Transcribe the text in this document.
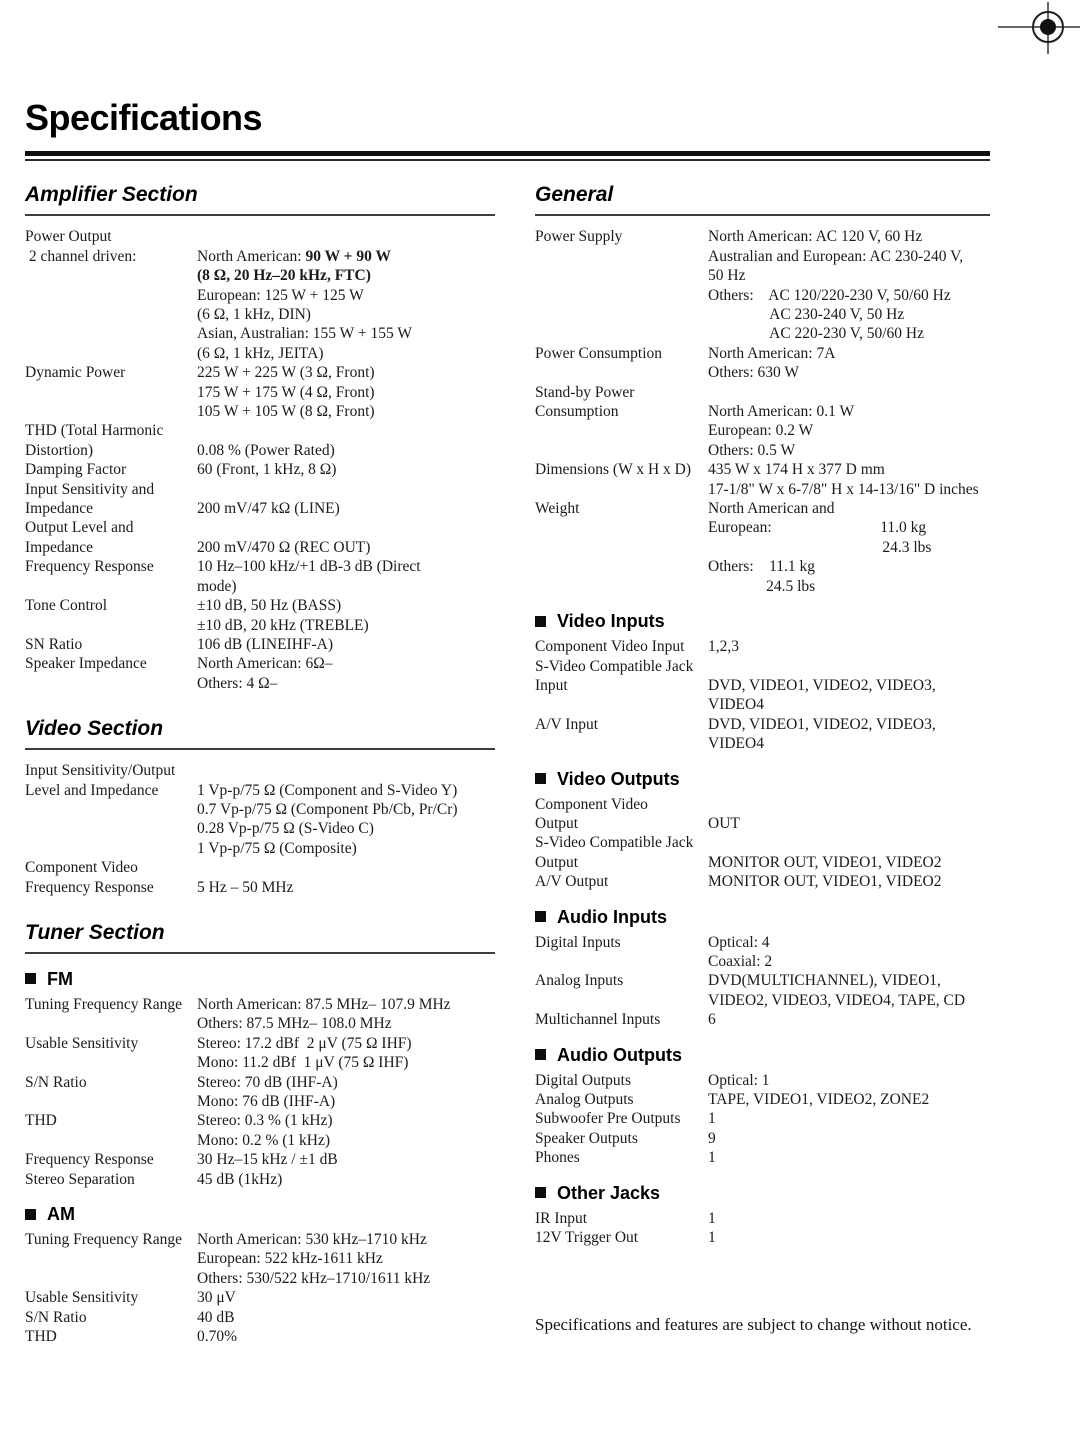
Specifications
Amplifier Section
Power Output
2 channel driven:	North American: 90 W + 90 W
(8 Ω, 20 Hz–20 kHz, FTC)
European: 125 W + 125 W
(6 Ω, 1 kHz, DIN)
Asian, Australian: 155 W + 155 W
(6 Ω, 1 kHz, JEITA)
Dynamic Power	225 W + 225 W (3 Ω, Front)
175 W + 175 W (4 Ω, Front)
105 W + 105 W (8 Ω, Front)
THD (Total Harmonic
Distortion)	0.08 % (Power Rated)
Damping Factor	60 (Front, 1 kHz, 8 Ω)
Input Sensitivity and
Impedance	200 mV/47 kΩ (LINE)
Output Level and
Impedance	200 mV/470 Ω (REC OUT)
Frequency Response	10 Hz–100 kHz/+1 dB-3 dB (Direct
mode)
Tone Control	±10 dB, 50 Hz (BASS)
±10 dB, 20 kHz (TREBLE)
SN Ratio	106 dB (LINEIHF-A)
Speaker Impedance	North American: 6Ω–
Others: 4 Ω–
Video Section
Input Sensitivity/Output
Level and Impedance	1 Vp-p/75 Ω (Component and S-Video Y)
0.7 Vp-p/75 Ω (Component Pb/Cb, Pr/Cr)
0.28 Vp-p/75 Ω (S-Video C)
1 Vp-p/75 Ω (Composite)
Component Video
Frequency Response	5 Hz – 50 MHz
Tuner Section
FM
Tuning Frequency Range North American: 87.5 MHz– 107.9 MHz
Others: 87.5 MHz– 108.0 MHz
Usable Sensitivity	Stereo: 17.2 dBf  2 μV (75 Ω IHF)
Mono: 11.2 dBf  1 μV (75 Ω IHF)
S/N Ratio	Stereo: 70 dB (IHF-A)
Mono: 76 dB (IHF-A)
THD	Stereo: 0.3 % (1 kHz)
Mono: 0.2 % (1 kHz)
Frequency Response	30 Hz–15 kHz / ±1 dB
Stereo Separation	45 dB (1kHz)
AM
Tuning Frequency Range North American: 530 kHz–1710 kHz
European: 522 kHz-1611 kHz
Others: 530/522 kHz–1710/1611 kHz
Usable Sensitivity	30 μV
S/N Ratio	40 dB
THD	0.70%
General
Power Supply	North American: AC 120 V, 60 Hz
Australian and European: AC 230-240 V,
50 Hz
Others:    AC 120/220-230 V, 50/60 Hz
AC 230-240 V, 50 Hz
AC 220-230 V, 50/60 Hz
Power Consumption	North American: 7A
Others: 630 W
Stand-by Power
Consumption	North American: 0.1 W
European: 0.2 W
Others: 0.5 W
Dimensions (W x H x D)	435 W x 174 H x 377 D mm
17-1/8" W x 6-7/8" H x 14-13/16" D inches
Weight	North American and
European:                            11.0 kg
24.3 lbs
Others:    11.1 kg
24.5 lbs
Video Inputs
Component Video Input	1,2,3
S-Video Compatible Jack
Input	DVD, VIDEO1, VIDEO2, VIDEO3,
VIDEO4
A/V Input	DVD, VIDEO1, VIDEO2, VIDEO3,
VIDEO4
Video Outputs
Component Video
Output	OUT
S-Video Compatible Jack
Output	MONITOR OUT, VIDEO1, VIDEO2
A/V Output	MONITOR OUT, VIDEO1, VIDEO2
Audio Inputs
Digital Inputs	Optical: 4
Coaxial: 2
Analog Inputs	DVD(MULTICHANNEL), VIDEO1,
VIDEO2, VIDEO3, VIDEO4, TAPE, CD
Multichannel Inputs	6
Audio Outputs
Digital Outputs	Optical: 1
Analog Outputs	TAPE, VIDEO1, VIDEO2, ZONE2
Subwoofer Pre Outputs	1
Speaker Outputs	9
Phones	1
Other Jacks
IR Input	1
12V Trigger Out	1
Specifications and features are subject to change without notice.
